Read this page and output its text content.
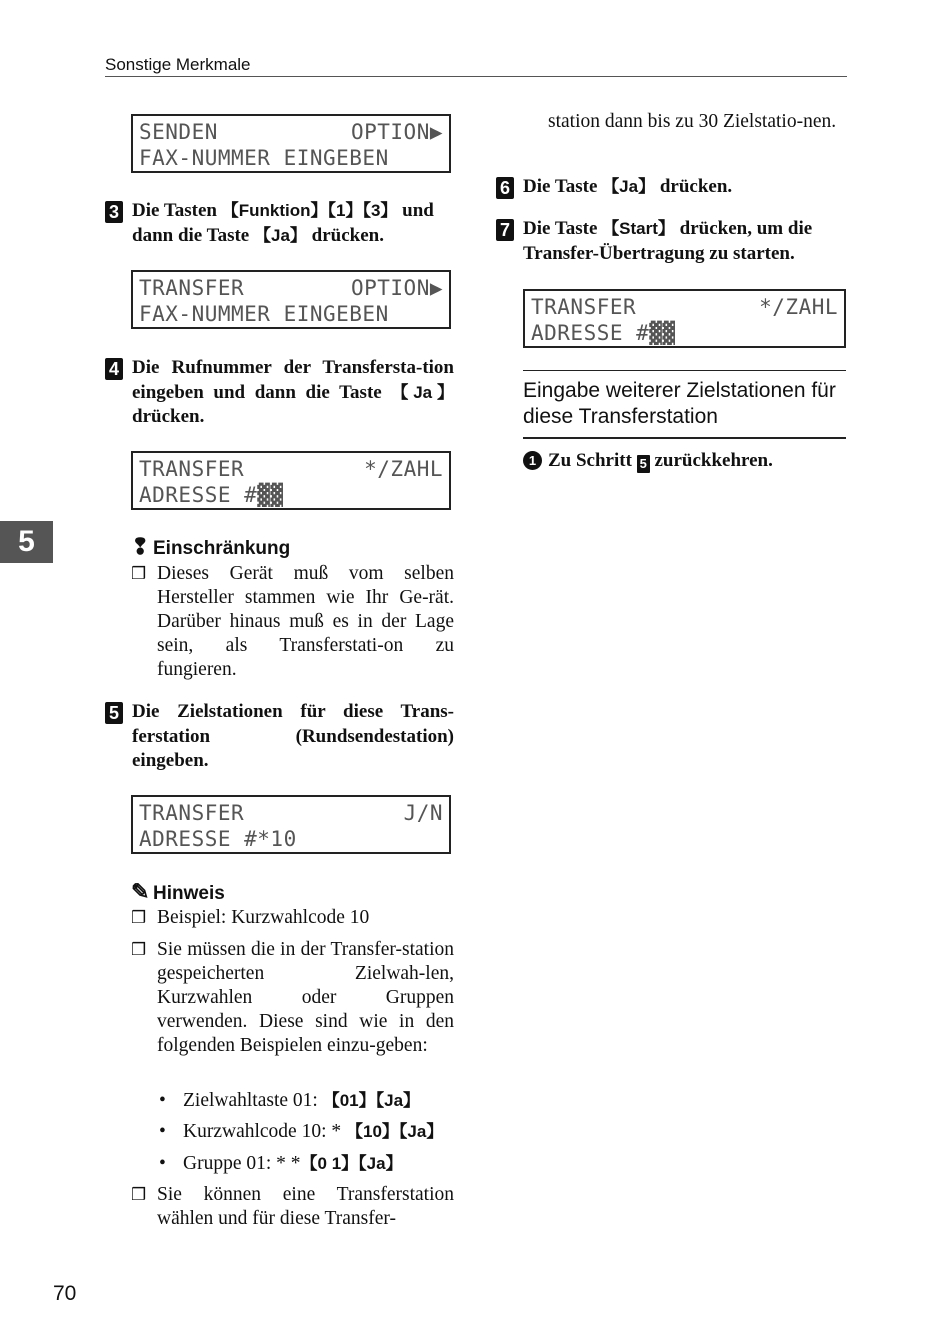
Sonstige Merkmale
5
SENDEN	OPTION▶
FAX-NUMMER EINGEBEN
3 Die Tasten 【Funktion】【1】【3】 und dann die Taste 【Ja】 drücken.
TRANSFER	OPTION▶
FAX-NUMMER EINGEBEN
4 Die Rufnummer der Transfersta-tion eingeben und dann die Taste 【Ja】 drücken.
TRANSFER	*/ZAHL
ADRESSE #▓▓
❢ Einschränkung
❒ Dieses Gerät muß vom selben Hersteller stammen wie Ihr Ge-rät. Darüber hinaus muß es in der Lage sein, als Transferstati-on zu fungieren.
5 Die Zielstationen für diese Trans-ferstation (Rundsendestation) eingeben.
TRANSFER	J/N
ADRESSE #*10
✎ Hinweis
❒ Beispiel: Kurzwahlcode 10
❒ Sie müssen die in der Transfer-station gespeicherten Zielwah-len, Kurzwahlen oder Gruppen verwenden. Diese sind wie in den folgenden Beispielen einzu-geben:
• Zielwahltaste 01: 【01】【Ja】
• Kurzwahlcode 10: * 【10】【Ja】
• Gruppe 01: * *【0 1】【Ja】
❒ Sie können eine Transferstation wählen und für diese Transfer-
station dann bis zu 30 Zielstatio-nen.
6 Die Taste 【Ja】 drücken.
7 Die Taste 【Start】 drücken, um die Transfer-Übertragung zu starten.
TRANSFER	*/ZAHL
ADRESSE #▓▓
Eingabe weiterer Zielstationen für diese Transferstation
1 Zu Schritt 5 zurückkehren.
70
